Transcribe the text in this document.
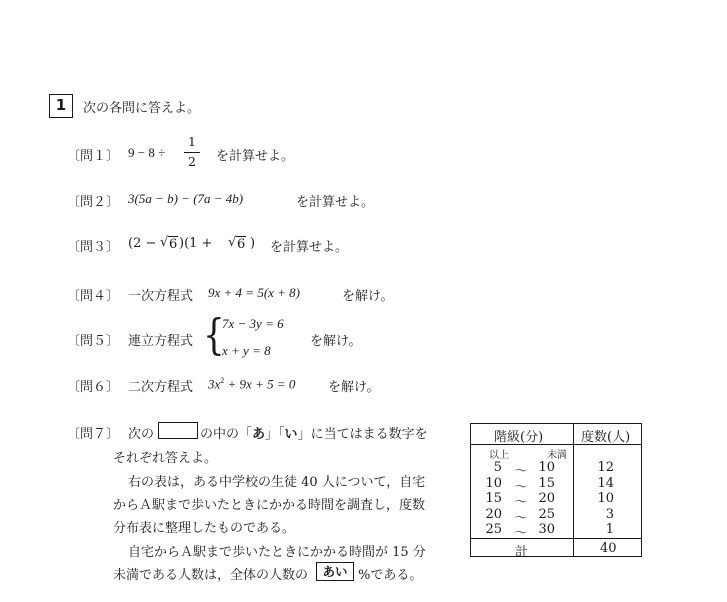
1	次の各問に答えよ。
〔問１〕 9 − 8 ÷
1
2 を計算せよ。
〔問２〕 3(5a − b) − (7a − 4b)	を計算せよ。
〔問３〕 (2 − √ 6 )(1 + √ 6 ) を計算せよ。
〔問４〕 一次方程式 9x + 4 = 5(x + 8)	を解け。
〔問５〕 連立方程式 {
7x − 3y = 6
x + y = 8
を解け。
〔問６〕 二次方程式 $3x^2 + 9x + 5 = 0$	を解け。
〔問７〕 次の	の中の「あ」「い」に当てはまる数字を
それぞれ答えよ。
右の表は，ある中学校の生徒 40 人について，自宅
からＡ駅まで歩いたときにかかる時間を調査し，度数
分布表に整理したものである。
自宅からＡ駅まで歩いたときにかかる時間が 15 分
未満である人数は，全体の人数の	あい %である。
階級(分)	度数(人)
以上	未満
5 〜 10	12
10 〜 15	14
15 〜 20	10
20 〜 25	3
25 〜 30	1
計	40
